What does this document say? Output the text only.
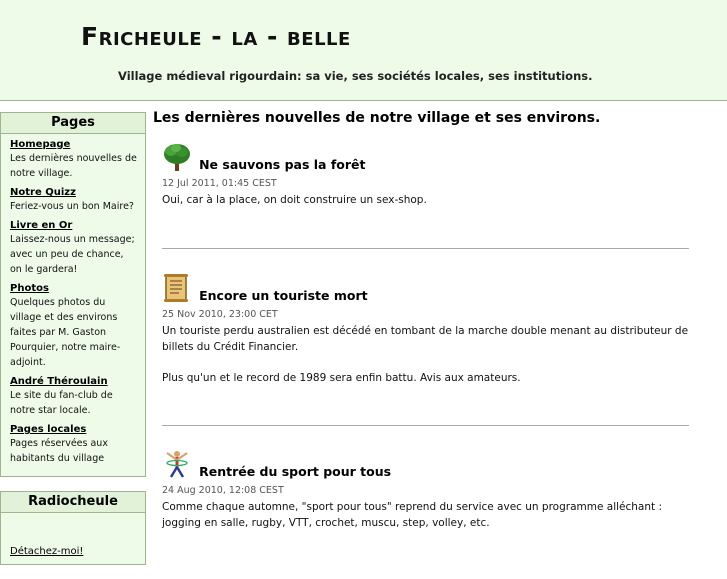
Fricheule - la - belle

Village médieval rigourdain: sa vie, ses sociétés locales, ses institutions.

Pages
Homepage
Les dernières nouvelles de notre village.
Notre Quizz
Feriez-vous un bon Maire?
Livre en Or
Laissez-nous un message; avec un peu de chance, on le gardera!
Photos
Quelques photos du village et des environs faites par M. Gaston Pourquier, notre maire-adjoint.
André Théroulain
Le site du fan-club de notre star locale.
Pages locales
Pages réservées aux habitants du village
Radiocheule
Détachez-moi!
Les dernières nouvelles de notre village et ses environs.
Ne sauvons pas la forêt
12 Jul 2011, 01:45 CEST

Oui, car à la place, on doit construire un sex-shop.

Encore un touriste mort
25 Nov 2010, 23:00 CET

Un touriste perdu australien est décédé en tombant de la marche double menant au distributeur de billets du Crédit Financier.

Plus qu'un et le record de 1989 sera enfin battu. Avis aux amateurs.

Rentrée du sport pour tous
24 Aug 2010, 12:08 CEST

Comme chaque automne, "sport pour tous" reprend du service avec un programme alléchant : jogging en salle, rugby, VTT, crochet, muscu, step, volley, etc.
